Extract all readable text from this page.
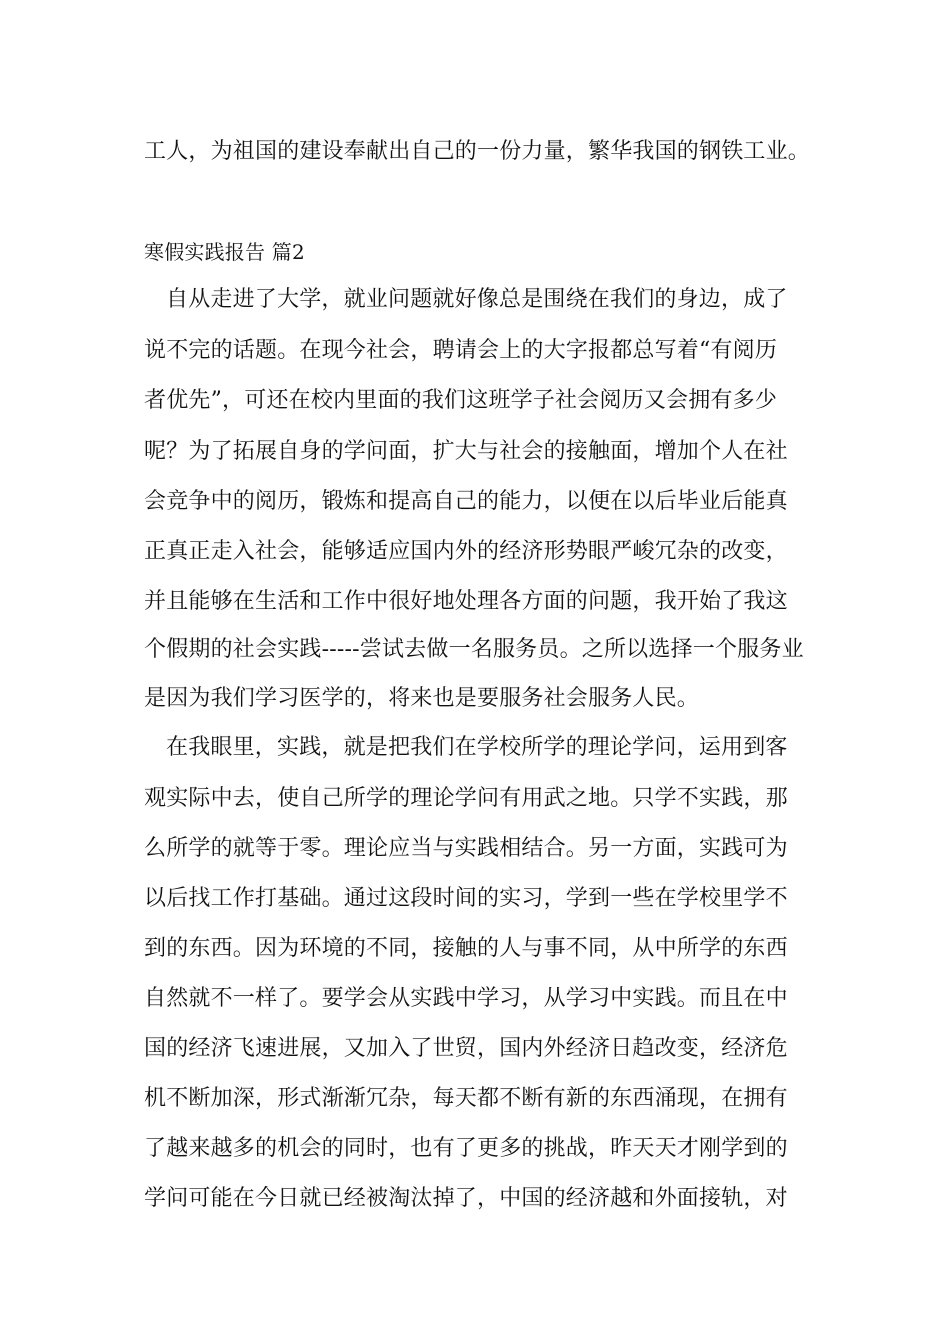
工人，为祖国的建设奉献出自己的一份力量，繁华我国的钢铁工业。
寒假实践报告 篇2
自从走进了大学，就业问题就好像总是围绕在我们的身边，成了
说不完的话题。在现今社会，聘请会上的大字报都总写着“有阅历
者优先”，可还在校内里面的我们这班学子社会阅历又会拥有多少
呢？为了拓展自身的学问面，扩大与社会的接触面，增加个人在社
会竞争中的阅历，锻炼和提高自己的能力，以便在以后毕业后能真
正真正走入社会，能够适应国内外的经济形势眼严峻冗杂的改变，
并且能够在生活和工作中很好地处理各方面的问题，我开始了我这
个假期的社会实践-----尝试去做一名服务员。之所以选择一个服务业
是因为我们学习医学的，将来也是要服务社会服务人民。
在我眼里，实践，就是把我们在学校所学的理论学问，运用到客
观实际中去，使自己所学的理论学问有用武之地。只学不实践，那
么所学的就等于零。理论应当与实践相结合。另一方面，实践可为
以后找工作打基础。通过这段时间的实习，学到一些在学校里学不
到的东西。因为环境的不同，接触的人与事不同，从中所学的东西
自然就不一样了。要学会从实践中学习，从学习中实践。而且在中
国的经济飞速进展，又加入了世贸，国内外经济日趋改变，经济危
机不断加深，形式渐渐冗杂，每天都不断有新的东西涌现，在拥有
了越来越多的机会的同时，也有了更多的挑战，昨天天才刚学到的
学问可能在今日就已经被淘汰掉了，中国的经济越和外面接轨，对
